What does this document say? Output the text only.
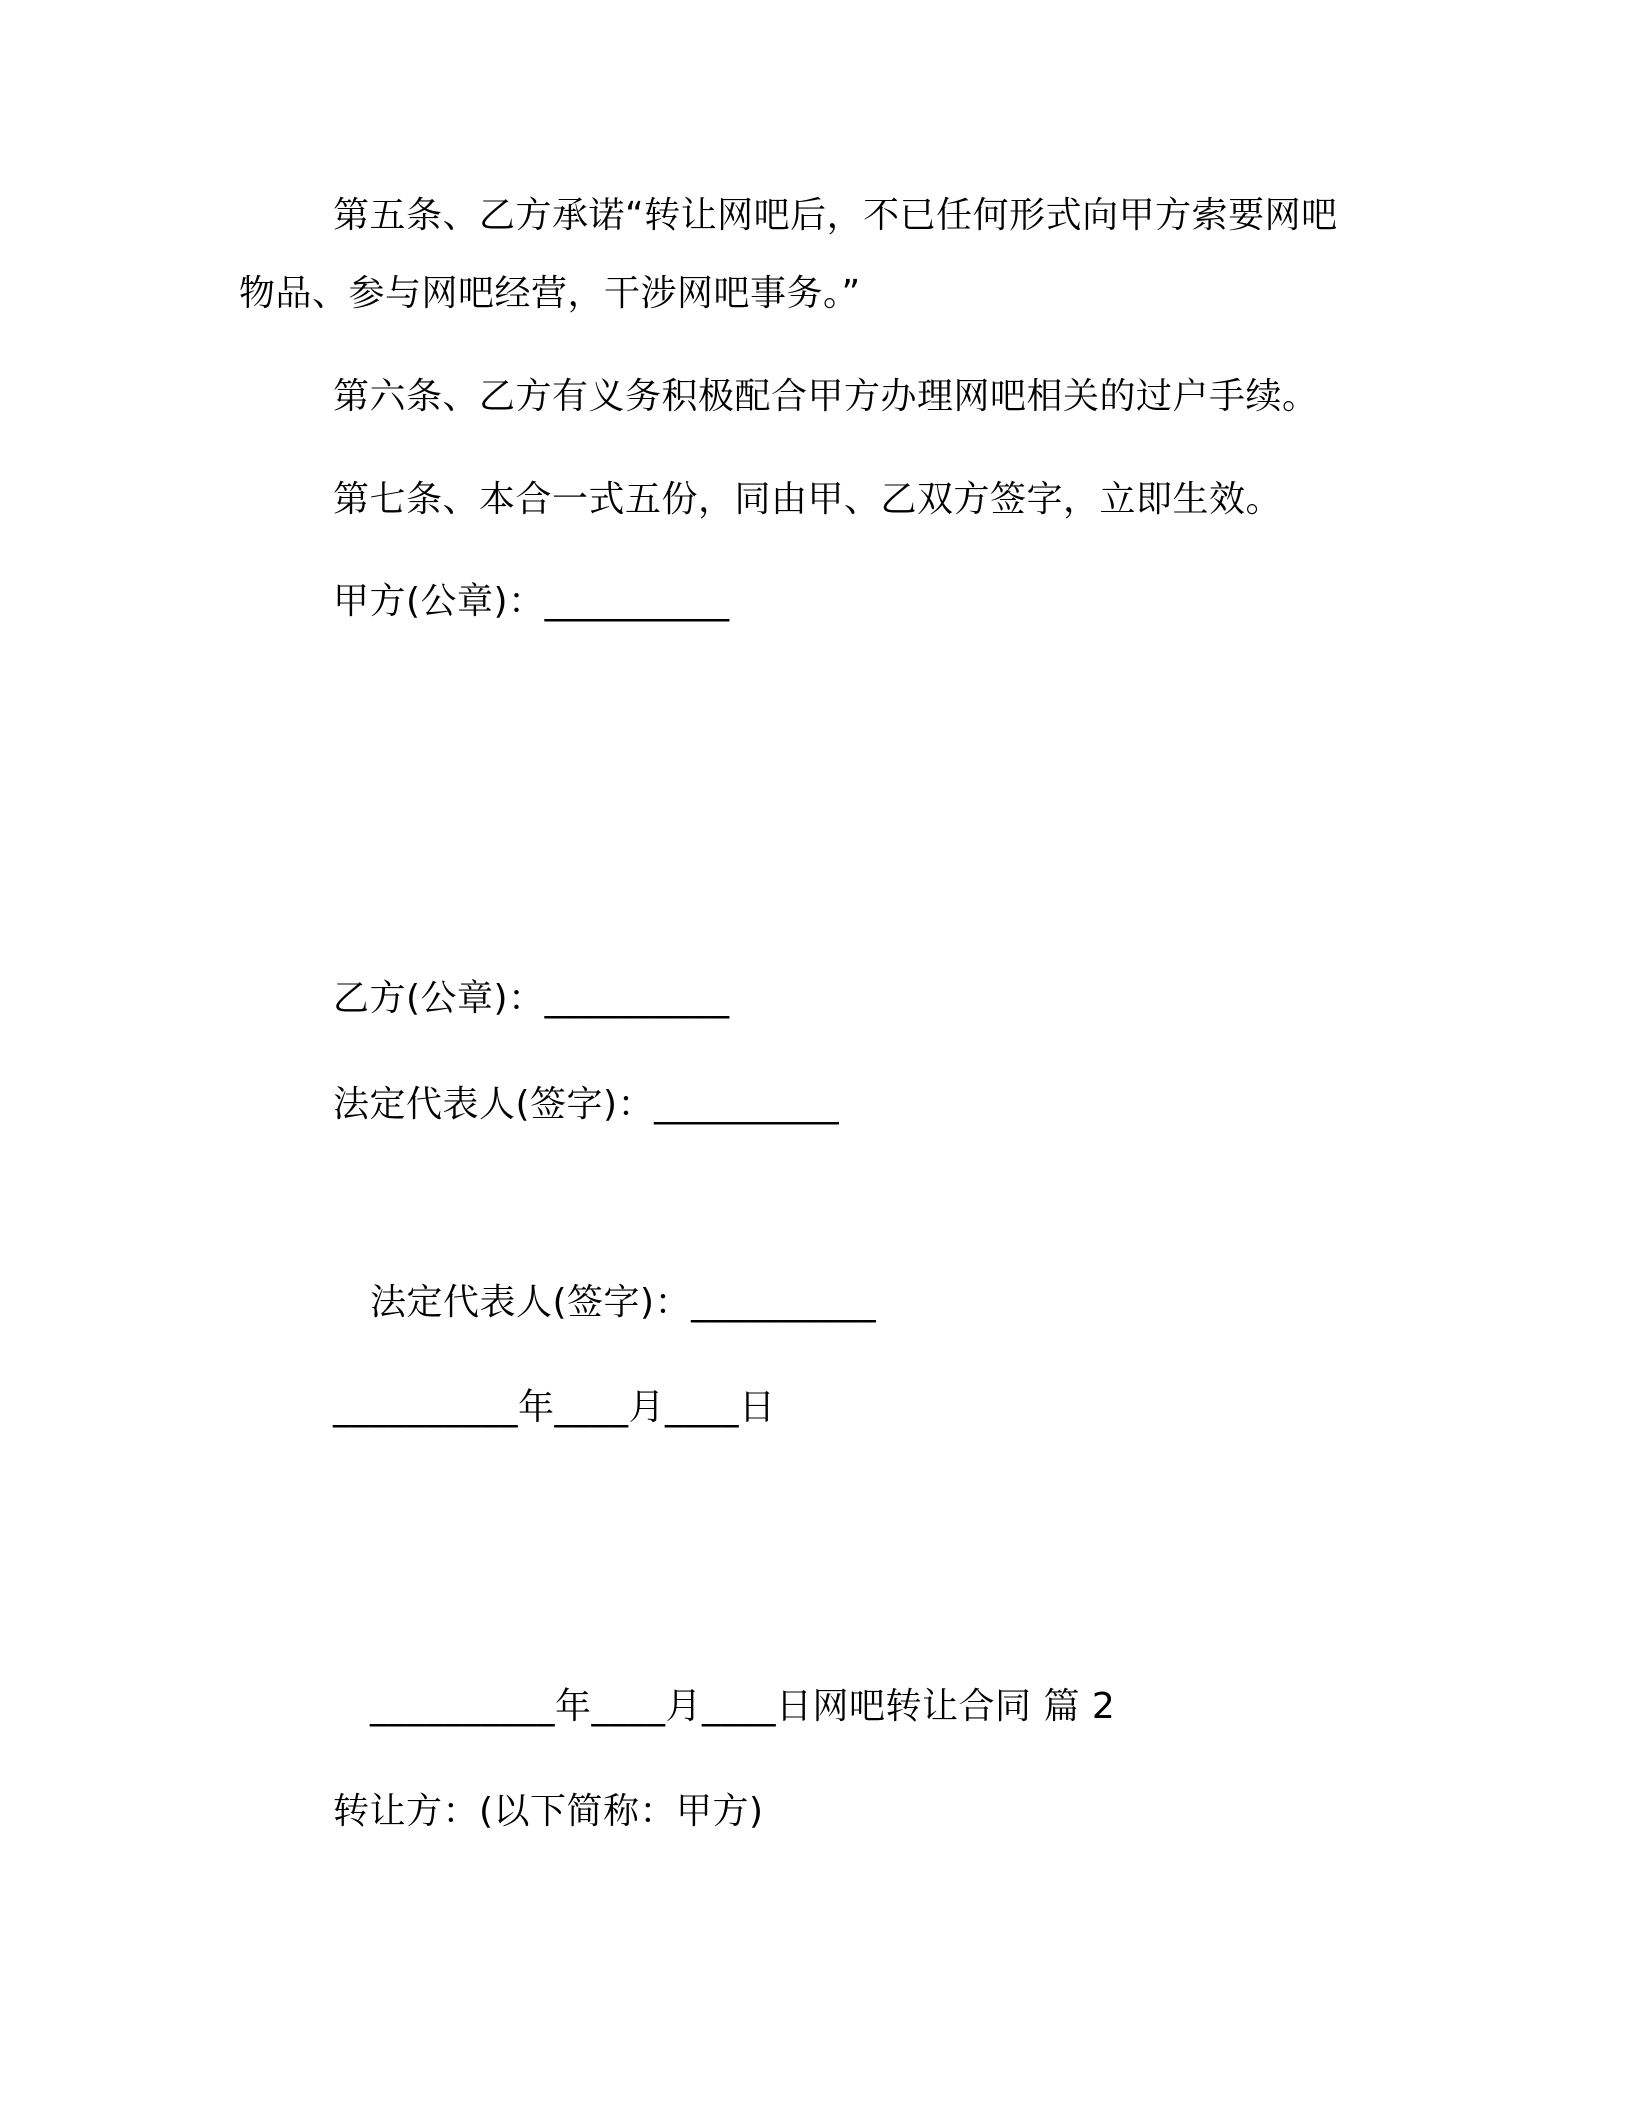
第五条、乙方承诺“转让网吧后，不已任何形式向甲方索要网吧
物品、参与网吧经营，干涉网吧事务。”
第六条、乙方有义务积极配合甲方办理网吧相关的过户手续。
第七条、本合一式五份，同由甲、乙双方签字，立即生效。
甲方(公章)：__________
乙方(公章)：__________
法定代表人(签字)：__________
法定代表人(签字)：__________
__________年____月____日
__________年____月____日网吧转让合同 篇 2
转让方：(以下简称：甲方)
